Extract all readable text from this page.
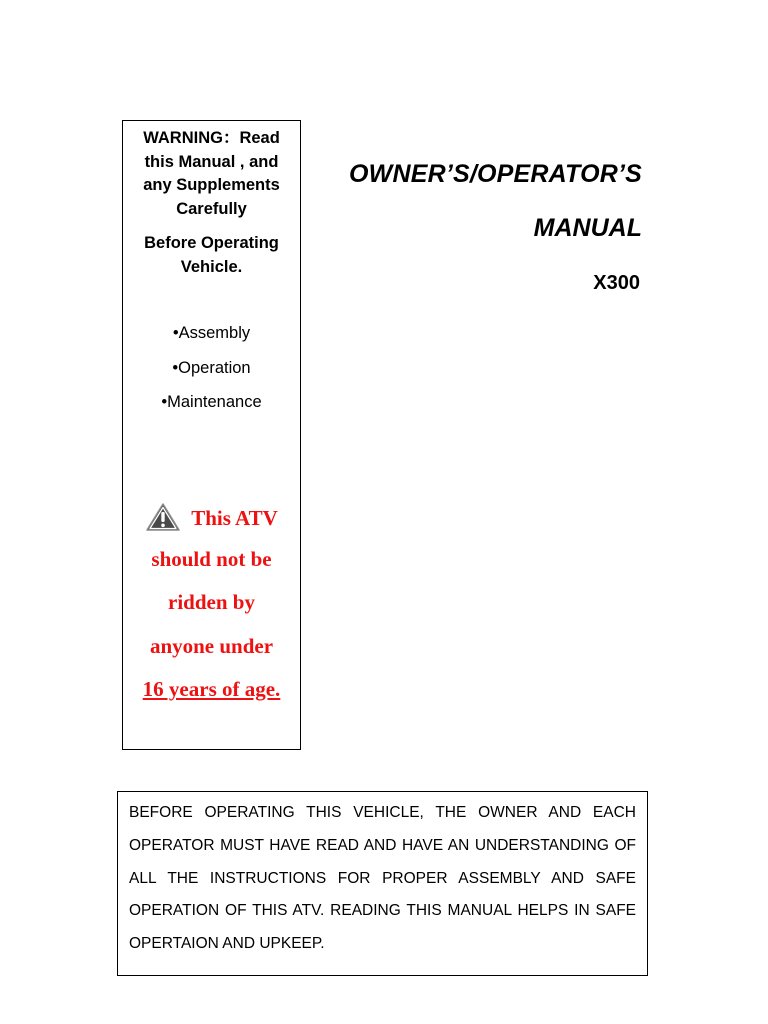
WARNING：Read
this Manual , and
any Supplements
Carefully
Before Operating
Vehicle.
•Assembly
•Operation
•Maintenance
This ATV
should not be
ridden by
anyone under
16 years of age.
OWNER’S/OPERATOR’S
MANUAL
X300
BEFORE OPERATING THIS VEHICLE, THE OWNER AND EACH
OPERATOR MUST HAVE READ AND HAVE AN UNDERSTANDING OF
ALL THE INSTRUCTIONS FOR PROPER ASSEMBLY AND SAFE
OPERATION OF THIS ATV. READING THIS MANUAL HELPS IN SAFE
OPERTAION AND UPKEEP.
